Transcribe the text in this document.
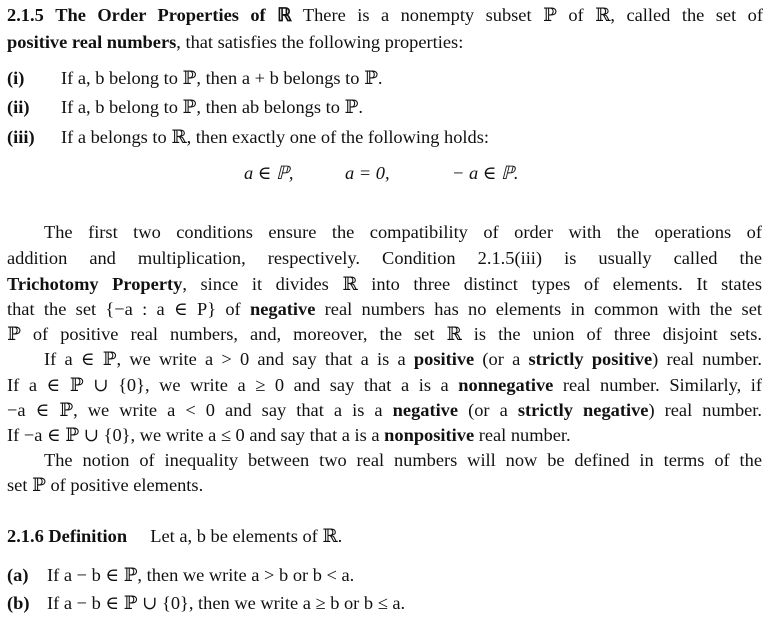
2.1.5 The Order Properties of ℝ There is a nonempty subset ℙ of ℝ, called the set of
positive real numbers, that satisfies the following properties:
(i) If a, b belong to ℙ, then a + b belongs to ℙ.
(ii) If a, b belong to ℙ, then ab belongs to ℙ.
(iii) If a belongs to ℝ, then exactly one of the following holds:
a ∈ ℙ,	a = 0,	− a ∈ ℙ.
The first two conditions ensure the compatibility of order with the operations of
addition and multiplication, respectively. Condition 2.1.5(iii) is usually called the
Trichotomy Property, since it divides ℝ into three distinct types of elements. It states
that the set {−a : a ∈ P} of negative real numbers has no elements in common with the set
ℙ of positive real numbers, and, moreover, the set ℝ is the union of three disjoint sets.
If a ∈ ℙ, we write a > 0 and say that a is a positive (or a strictly positive) real number.
If a ∈ ℙ ∪ {0}, we write a ≥ 0 and say that a is a nonnegative real number. Similarly, if
−a ∈ ℙ, we write a < 0 and say that a is a negative (or a strictly negative) real number.
If −a ∈ ℙ ∪ {0}, we write a ≤ 0 and say that a is a nonpositive real number.
The notion of inequality between two real numbers will now be defined in terms of the
set ℙ of positive elements.
2.1.6 Definition Let a, b be elements of ℝ.
(a) If a − b ∈ ℙ, then we write a > b or b < a.
(b) If a − b ∈ ℙ ∪ {0}, then we write a ≥ b or b ≤ a.
